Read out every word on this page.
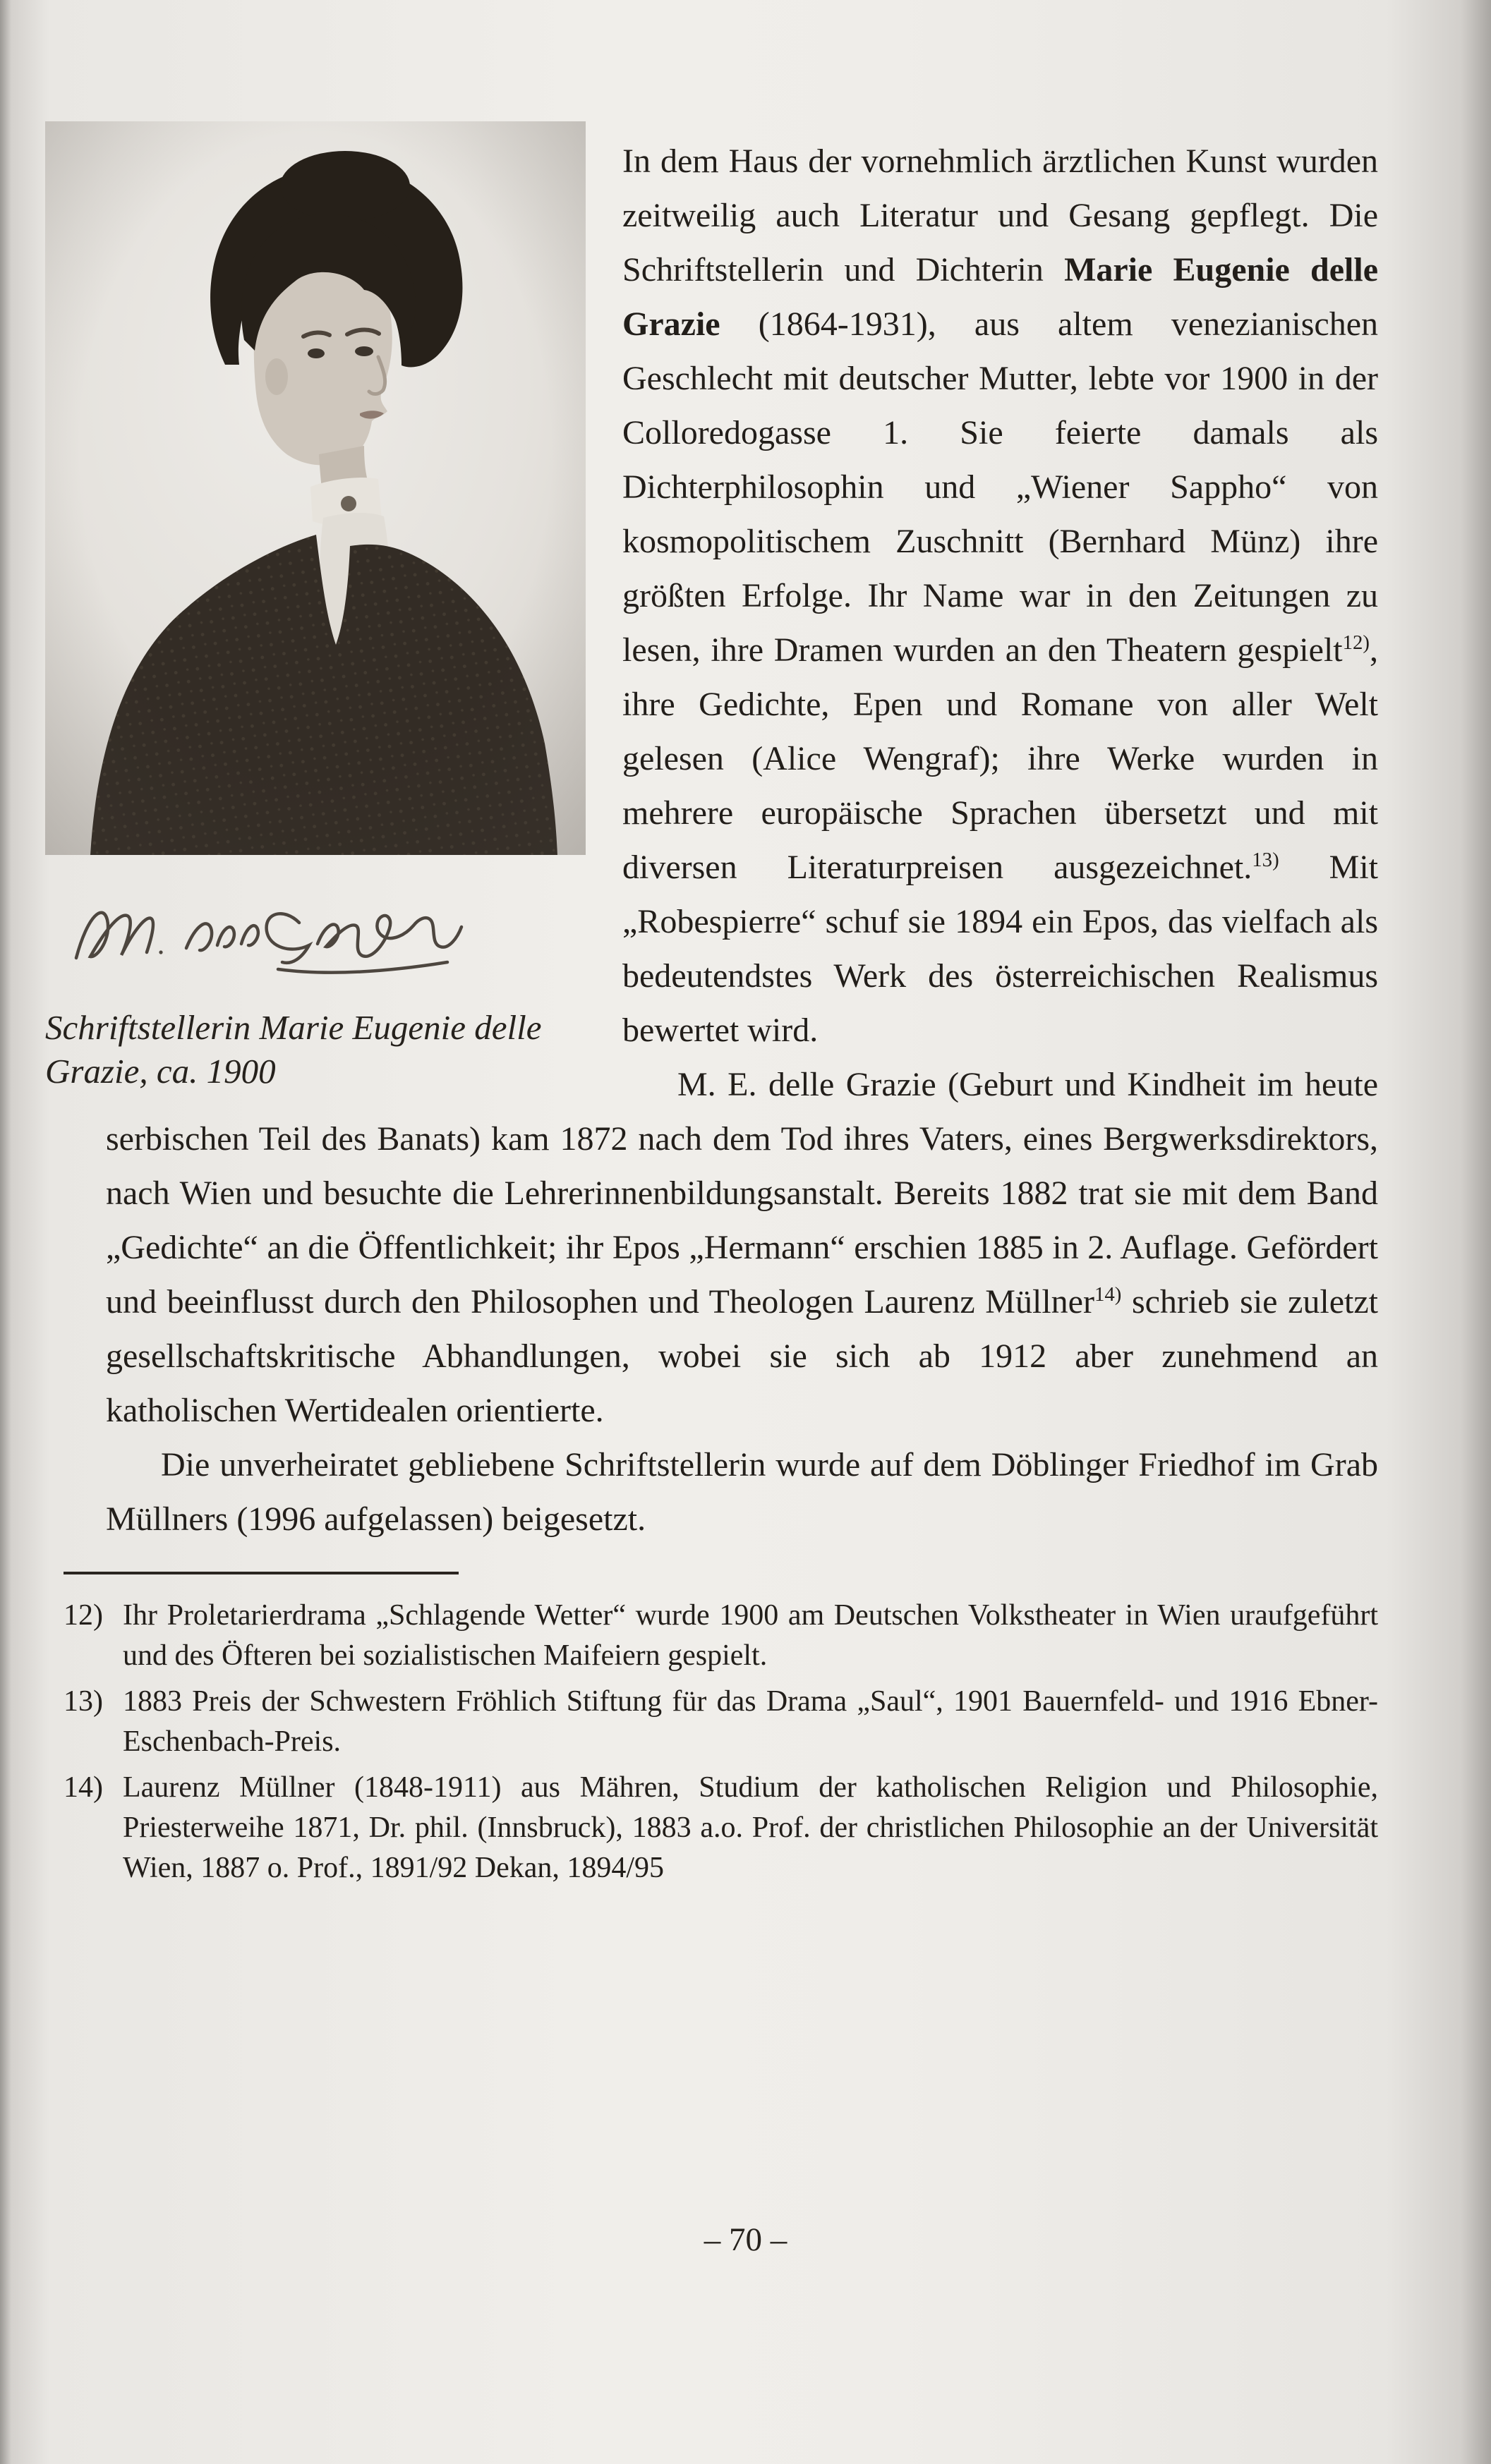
Schriftstellerin Marie Eugenie delle Grazie, ca. 1900

In dem Haus der vornehmlich ärztlichen Kunst wurden zeitweilig auch Literatur und Gesang gepflegt. Die Schriftstellerin und Dichterin Marie Eugenie delle Grazie (1864-1931), aus altem venezianischen Geschlecht mit deutscher Mutter, lebte vor 1900 in der Colloredogasse 1. Sie feierte damals als Dichterphilosophin und „Wiener Sappho“ von kosmopolitischem Zuschnitt (Bernhard Münz) ihre größten Erfolge. Ihr Name war in den Zeitungen zu lesen, ihre Dramen wurden an den Theatern gespielt$^{12)}$, ihre Gedichte, Epen und Romane von aller Welt gelesen (Alice Wengraf); ihre Werke wurden in mehrere europäische Sprachen übersetzt und mit diversen Literaturpreisen ausgezeichnet.$^{13)}$ Mit „Robespierre“ schuf sie 1894 ein Epos, das vielfach als bedeutendstes Werk des österreichischen Realismus bewertet wird.

M. E. delle Grazie (Geburt und Kindheit im heute serbischen Teil des Banats) kam 1872 nach dem Tod ihres Vaters, eines Bergwerksdirektors, nach Wien und besuchte die Lehrerinnenbildungsanstalt. Bereits 1882 trat sie mit dem Band „Gedichte“ an die Öffentlichkeit; ihr Epos „Hermann“ erschien 1885 in 2. Auflage. Gefördert und beeinflusst durch den Philosophen und Theologen Laurenz Müllner$^{14)}$ schrieb sie zuletzt gesellschaftskritische Abhandlungen, wobei sie sich ab 1912 aber zunehmend an katholischen Wertidealen orientierte.

Die unverheiratet gebliebene Schriftstellerin wurde auf dem Döblinger Friedhof im Grab Müllners (1996 aufgelassen) beigesetzt.

12) Ihr Proletarierdrama „Schlagende Wetter“ wurde 1900 am Deutschen Volkstheater in Wien uraufgeführt und des Öfteren bei sozialistischen Maifeiern gespielt.
13) 1883 Preis der Schwestern Fröhlich Stiftung für das Drama „Saul“, 1901 Bauernfeld- und 1916 Ebner-Eschenbach-Preis.
14) Laurenz Müllner (1848-1911) aus Mähren, Studium der katholischen Religion und Philosophie, Priesterweihe 1871, Dr. phil. (Innsbruck), 1883 a.o. Prof. der christlichen Philosophie an der Universität Wien, 1887 o. Prof., 1891/92 Dekan, 1894/95
– 70 –
